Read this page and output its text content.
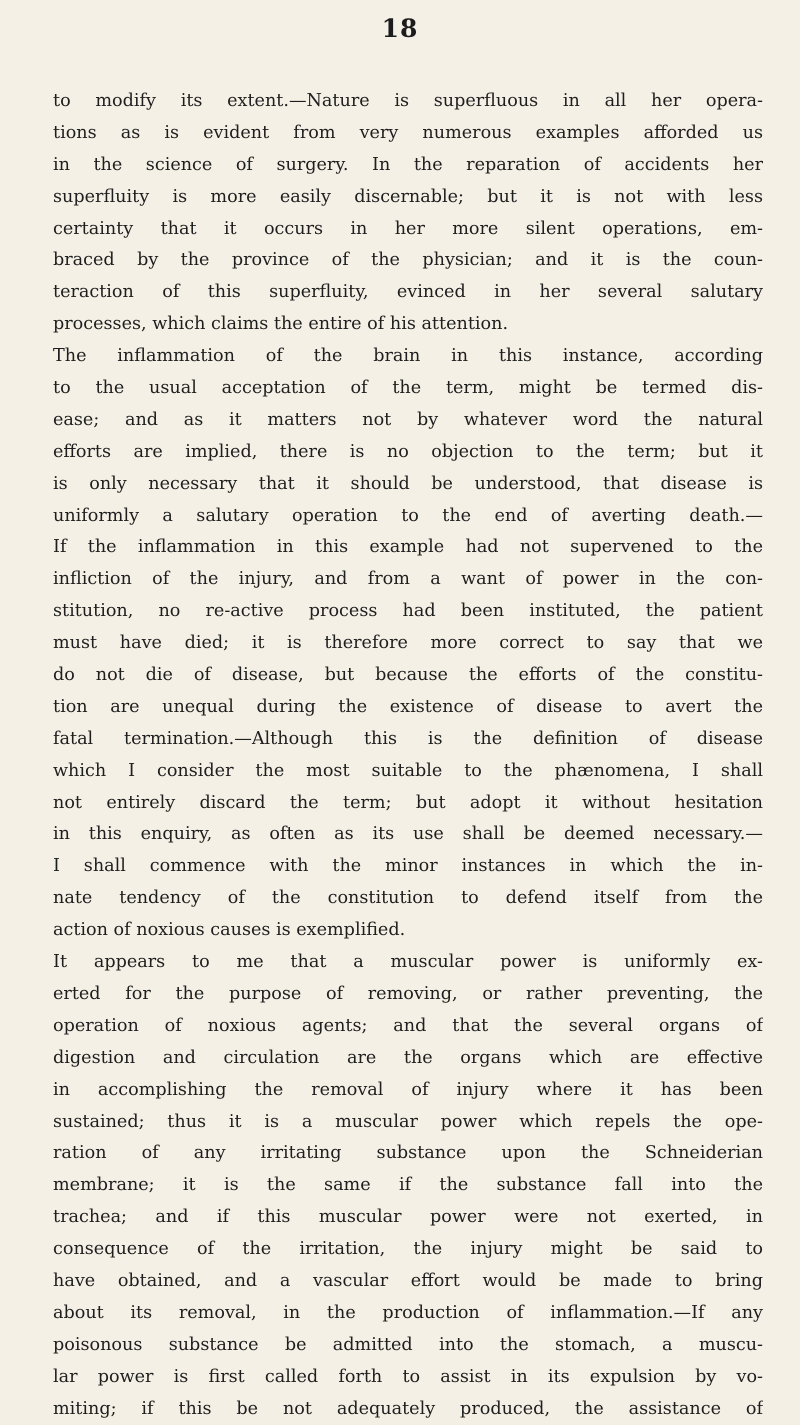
18
to modify its extent.—Nature is superfluous in all her opera-
tions as is evident from very numerous examples afforded us
in the science of surgery. In the reparation of accidents her
superfluity is more easily discernable; but it is not with less
certainty that it occurs in her more silent operations, em-
braced by the province of the physician; and it is the coun-
teraction of this superfluity, evinced in her several salutary
processes, which claims the entire of his attention.
The inflammation of the brain in this instance, according
to the usual acceptation of the term, might be termed dis-
ease; and as it matters not by whatever word the natural
efforts are implied, there is no objection to the term; but it
is only necessary that it should be understood, that disease is
uniformly a salutary operation to the end of averting death.—
If the inflammation in this example had not supervened to the
infliction of the injury, and from a want of power in the con-
stitution, no re-active process had been instituted, the patient
must have died; it is therefore more correct to say that we
do not die of disease, but because the efforts of the constitu-
tion are unequal during the existence of disease to avert the
fatal termination.—Although this is the definition of disease
which I consider the most suitable to the phænomena, I shall
not entirely discard the term; but adopt it without hesitation
in this enquiry, as often as its use shall be deemed necessary.—
I shall commence with the minor instances in which the in-
nate tendency of the constitution to defend itself from the
action of noxious causes is exemplified.
It appears to me that a muscular power is uniformly ex-
erted for the purpose of removing, or rather preventing, the
operation of noxious agents; and that the several organs of
digestion and circulation are the organs which are effective
in accomplishing the removal of injury where it has been
sustained; thus it is a muscular power which repels the ope-
ration of any irritating substance upon the Schneiderian
membrane; it is the same if the substance fall into the
trachea; and if this muscular power were not exerted, in
consequence of the irritation, the injury might be said to
have obtained, and a vascular effort would be made to bring
about its removal, in the production of inflammation.—If any
poisonous substance be admitted into the stomach, a muscu-
lar power is first called forth to assist in its expulsion by vo-
miting; if this be not adequately produced, the assistance of
